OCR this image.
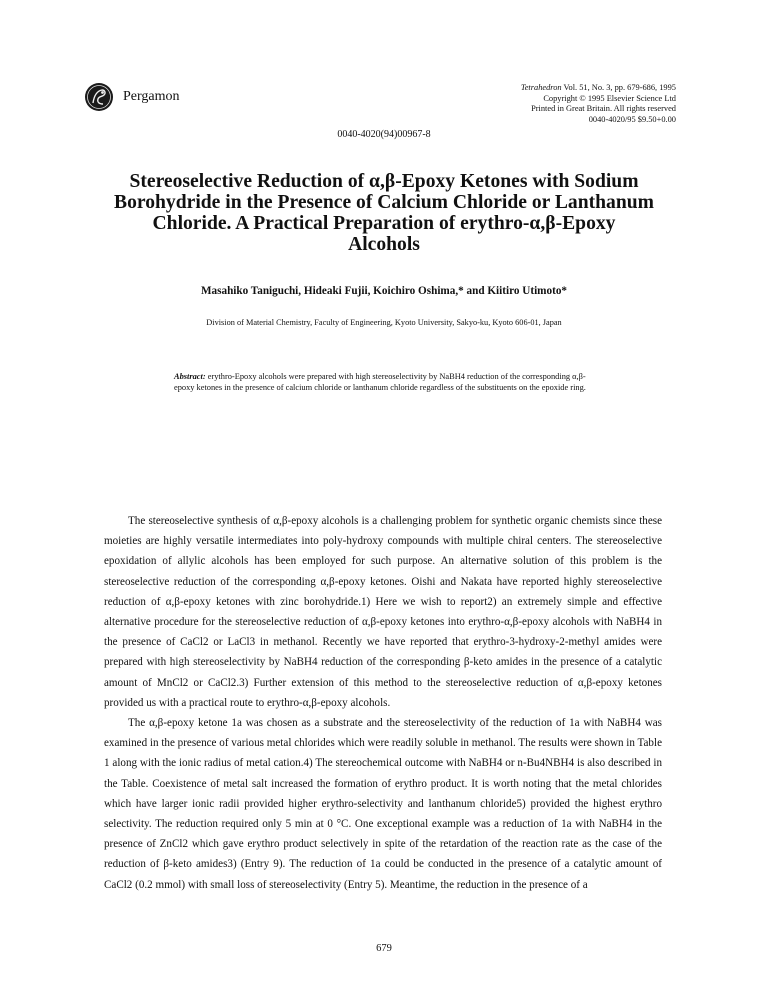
Pergamon
Tetrahedron Vol. 51, No. 3, pp. 679-686, 1995
Copyright © 1995 Elsevier Science Ltd
Printed in Great Britain. All rights reserved
0040-4020/95 $9.50+0.00
0040-4020(94)00967-8
Stereoselective Reduction of α,β-Epoxy Ketones with Sodium
Borohydride in the Presence of Calcium Chloride or Lanthanum
Chloride. A Practical Preparation of erythro-α,β-Epoxy
Alcohols
Masahiko Taniguchi, Hideaki Fujii, Koichiro Oshima,* and Kiitiro Utimoto*
Division of Material Chemistry, Faculty of Engineering, Kyoto University, Sakyo-ku, Kyoto 606-01, Japan

Abstract: erythro-Epoxy alcohols were prepared with high stereoselectivity by NaBH4 reduction of the corresponding α,β-epoxy ketones in the presence of calcium chloride or lanthanum chloride regardless of the substituents on the epoxide ring.

The stereoselective synthesis of α,β-epoxy alcohols is a challenging problem for synthetic organic chemists since these moieties are highly versatile intermediates into poly-hydroxy compounds with multiple chiral centers. The stereoselective epoxidation of allylic alcohols has been employed for such purpose. An alternative solution of this problem is the stereoselective reduction of the corresponding α,β-epoxy ketones. Oishi and Nakata have reported highly stereoselective reduction of α,β-epoxy ketones with zinc borohydride.1) Here we wish to report2) an extremely simple and effective alternative procedure for the stereoselective reduction of α,β-epoxy ketones into erythro-α,β-epoxy alcohols with NaBH4 in the presence of CaCl2 or LaCl3 in methanol. Recently we have reported that erythro-3-hydroxy-2-methyl amides were prepared with high stereoselectivity by NaBH4 reduction of the corresponding β-keto amides in the presence of a catalytic amount of MnCl2 or CaCl2.3) Further extension of this method to the stereoselective reduction of α,β-epoxy ketones provided us with a practical route to erythro-α,β-epoxy alcohols.

The α,β-epoxy ketone 1a was chosen as a substrate and the stereoselectivity of the reduction of 1a with NaBH4 was examined in the presence of various metal chlorides which were readily soluble in methanol. The results were shown in Table 1 along with the ionic radius of metal cation.4) The stereochemical outcome with NaBH4 or n-Bu4NBH4 is also described in the Table. Coexistence of metal salt increased the formation of erythro product. It is worth noting that the metal chlorides which have larger ionic radii provided higher erythro-selectivity and lanthanum chloride5) provided the highest erythro selectivity. The reduction required only 5 min at 0 °C. One exceptional example was a reduction of 1a with NaBH4 in the presence of ZnCl2 which gave erythro product selectively in spite of the retardation of the reaction rate as the case of the reduction of β-keto amides3) (Entry 9). The reduction of 1a could be conducted in the presence of a catalytic amount of CaCl2 (0.2 mmol) with small loss of stereoselectivity (Entry 5). Meantime, the reduction in the presence of a

679
